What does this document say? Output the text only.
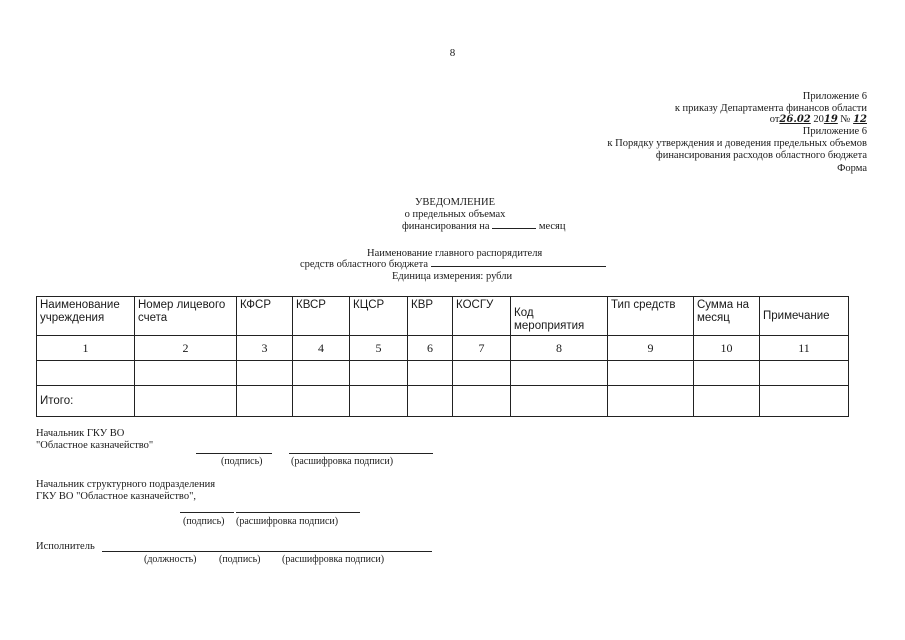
8
Приложение 6
к приказу Департамента финансов области
от26.02 2019 № 12
Приложение 6
к Порядку утверждения и доведения предельных объемов
финансирования расходов областного бюджета
Форма
УВЕДОМЛЕНИЕ
о предельных объемах
финансирования на	месяц
Наименование главного распорядителя
средств областного бюджета
Единица измерения: рубли
Наименование учреждения	Номер лицевого счета	КФСР	КВСР	КЦСР	КВР	КОСГУ	Код мероприятия	Тип средств	Сумма на месяц	Примечание
1	2	3	4	5	6	7	8	9	10	11

Итого:										
Начальник ГКУ ВО
"Областное казначейство"
(подпись)	(расшифровка подписи)
Начальник структурного подразделения
ГКУ ВО "Областное казначейство",
(подпись) (расшифровка подписи)
Исполнитель
(должность) (подпись) (расшифровка подписи)
